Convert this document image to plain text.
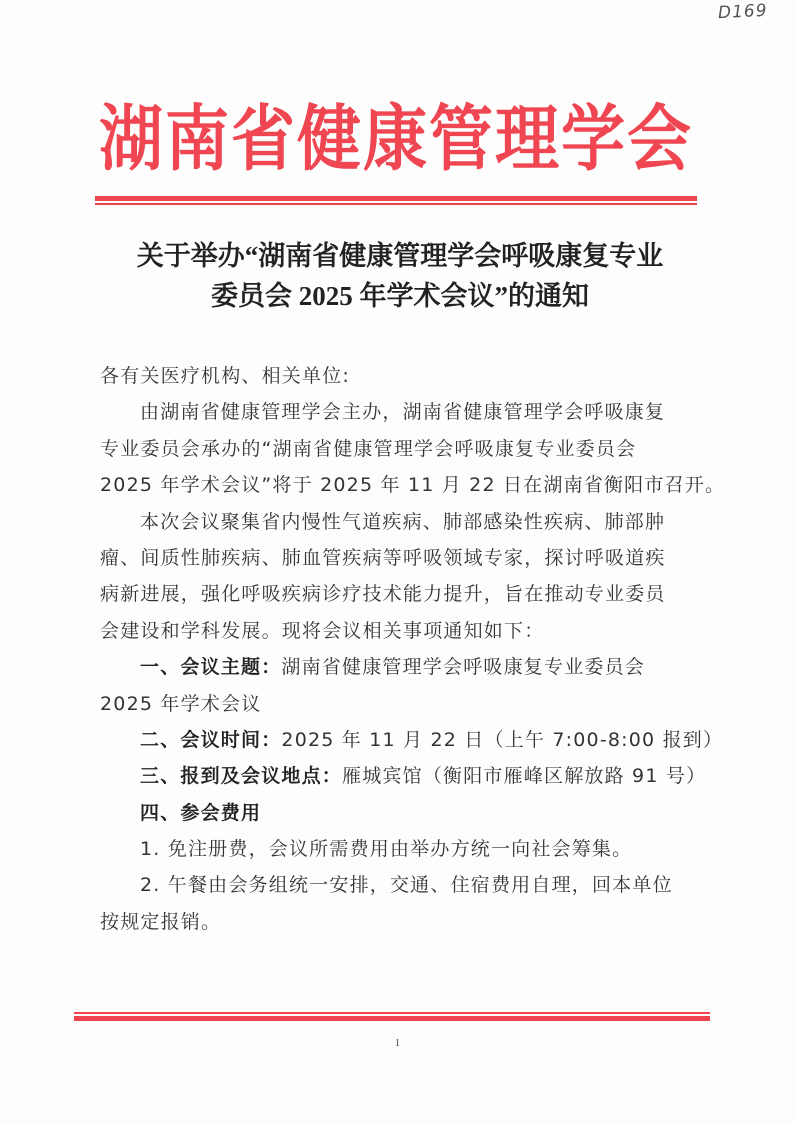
D169
湖南省健康管理学会
关于举办“湖南省健康管理学会呼吸康复专业
委员会 2025 年学术会议”的通知
各有关医疗机构、相关单位:
由湖南省健康管理学会主办，湖南省健康管理学会呼吸康复
专业委员会承办的“湖南省健康管理学会呼吸康复专业委员会
2025 年学术会议”将于 2025 年 11 月 22 日在湖南省衡阳市召开。
本次会议聚集省内慢性气道疾病、肺部感染性疾病、肺部肿
瘤、间质性肺疾病、肺血管疾病等呼吸领域专家，探讨呼吸道疾
病新进展，强化呼吸疾病诊疗技术能力提升，旨在推动专业委员
会建设和学科发展。现将会议相关事项通知如下：
一、会议主题：湖南省健康管理学会呼吸康复专业委员会
2025 年学术会议
二、会议时间：2025 年 11 月 22 日（上午 7:00-8:00 报到）
三、报到及会议地点：雁城宾馆（衡阳市雁峰区解放路 91 号）
四、参会费用
1. 免注册费，会议所需费用由举办方统一向社会筹集。
2. 午餐由会务组统一安排，交通、住宿费用自理，回本单位
按规定报销。
1
